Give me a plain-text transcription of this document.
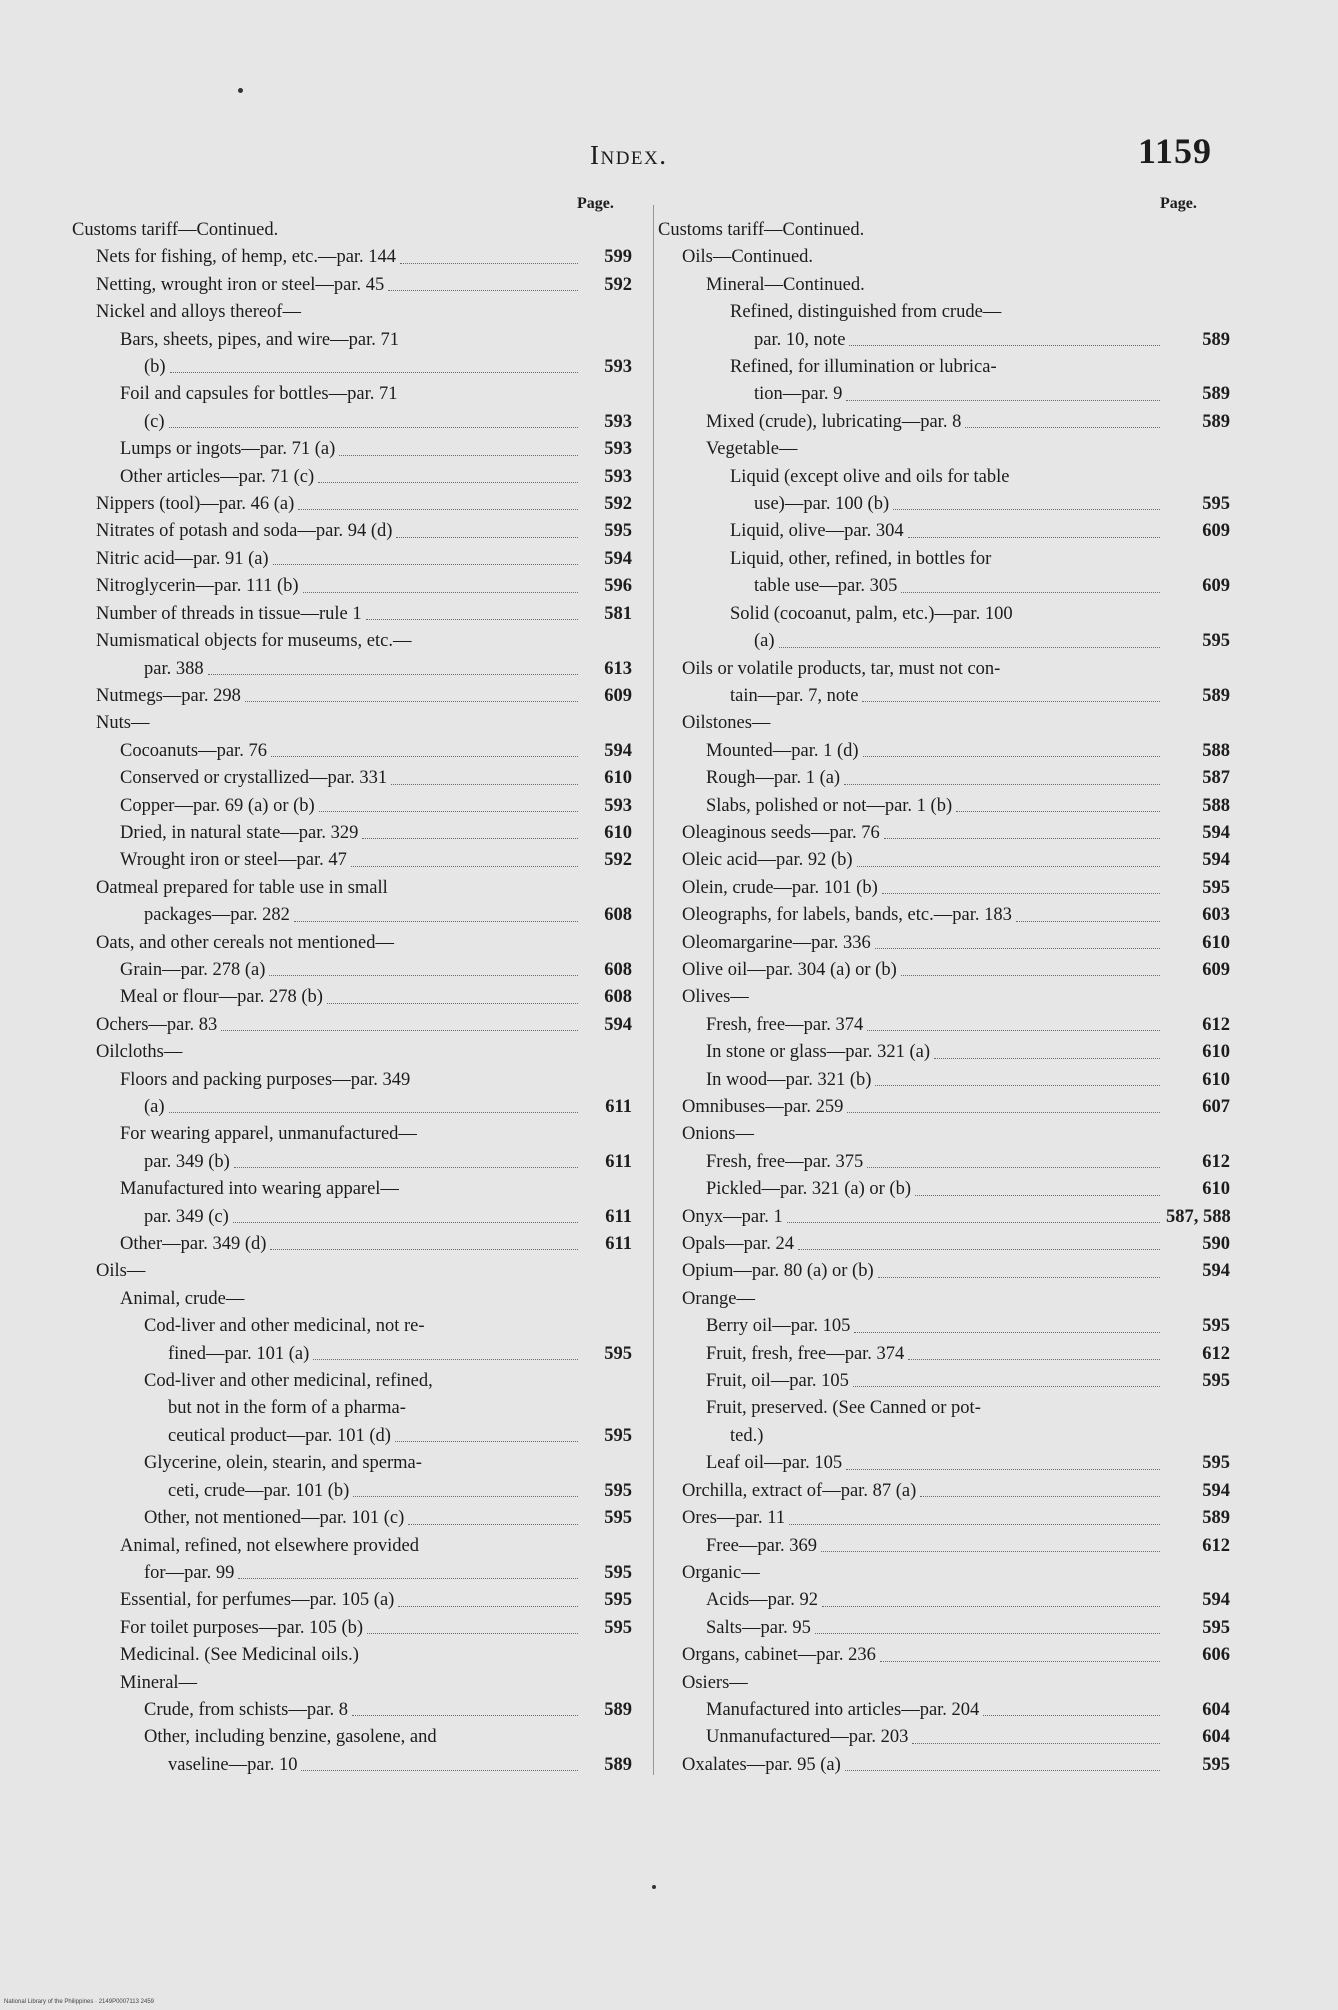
Index.	1159
Page.
Customs tariff—Continued.
Nets for fishing, of hemp, etc.—par. 144	599
Netting, wrought iron or steel—par. 45	592
Nickel and alloys thereof—
Bars, sheets, pipes, and wire—par. 71
(b)	593
Foil and capsules for bottles—par. 71
(c)	593
Lumps or ingots—par. 71 (a)	593
Other articles—par. 71 (c)	593
Nippers (tool)—par. 46 (a)	592
Nitrates of potash and soda—par. 94 (d)	595
Nitric acid—par. 91 (a)	594
Nitroglycerin—par. 111 (b)	596
Number of threads in tissue—rule 1	581
Numismatical objects for museums, etc.—
par. 388	613
Nutmegs—par. 298	609
Nuts—
Cocoanuts—par. 76	594
Conserved or crystallized—par. 331	610
Copper—par. 69 (a) or (b)	593
Dried, in natural state—par. 329	610
Wrought iron or steel—par. 47	592
Oatmeal prepared for table use in small
packages—par. 282	608
Oats, and other cereals not mentioned—
Grain—par. 278 (a)	608
Meal or flour—par. 278 (b)	608
Ochers—par. 83	594
Oilcloths—
Floors and packing purposes—par. 349
(a)	611
For wearing apparel, unmanufactured—
par. 349 (b)	611
Manufactured into wearing apparel—
par. 349 (c)	611
Other—par. 349 (d)	611
Oils—
Animal, crude—
Cod-liver and other medicinal, not re-
fined—par. 101 (a)	595
Cod-liver and other medicinal, refined,
but not in the form of a pharma-
ceutical product—par. 101 (d)	595
Glycerine, olein, stearin, and sperma-
ceti, crude—par. 101 (b)	595
Other, not mentioned—par. 101 (c)	595
Animal, refined, not elsewhere provided
for—par. 99	595
Essential, for perfumes—par. 105 (a)	595
For toilet purposes—par. 105 (b)	595
Medicinal. (See Medicinal oils.)
Mineral—
Crude, from schists—par. 8	589
Other, including benzine, gasolene, and
vaseline—par. 10	589
Page.
Customs tariff—Continued.
Oils—Continued.
Mineral—Continued.
Refined, distinguished from crude—
par. 10, note	589
Refined, for illumination or lubrica-
tion—par. 9	589
Mixed (crude), lubricating—par. 8	589
Vegetable—
Liquid (except olive and oils for table
use)—par. 100 (b)	595
Liquid, olive—par. 304	609
Liquid, other, refined, in bottles for
table use—par. 305	609
Solid (cocoanut, palm, etc.)—par. 100
(a)	595
Oils or volatile products, tar, must not con-
tain—par. 7, note	589
Oilstones—
Mounted—par. 1 (d)	588
Rough—par. 1 (a)	587
Slabs, polished or not—par. 1 (b)	588
Oleaginous seeds—par. 76	594
Oleic acid—par. 92 (b)	594
Olein, crude—par. 101 (b)	595
Oleographs, for labels, bands, etc.—par. 183	603
Oleomargarine—par. 336	610
Olive oil—par. 304 (a) or (b)	609
Olives—
Fresh, free—par. 374	612
In stone or glass—par. 321 (a)	610
In wood—par. 321 (b)	610
Omnibuses—par. 259	607
Onions—
Fresh, free—par. 375	612
Pickled—par. 321 (a) or (b)	610
Onyx—par. 1	587, 588
Opals—par. 24	590
Opium—par. 80 (a) or (b)	594
Orange—
Berry oil—par. 105	595
Fruit, fresh, free—par. 374	612
Fruit, oil—par. 105	595
Fruit, preserved. (See Canned or pot-
ted.)
Leaf oil—par. 105	595
Orchilla, extract of—par. 87 (a)	594
Ores—par. 11	589
Free—par. 369	612
Organic—
Acids—par. 92	594
Salts—par. 95	595
Organs, cabinet—par. 236	606
Osiers—
Manufactured into articles—par. 204	604
Unmanufactured—par. 203	604
Oxalates—par. 95 (a)	595
National Library of the Philippines · 2149P0007113 2459
